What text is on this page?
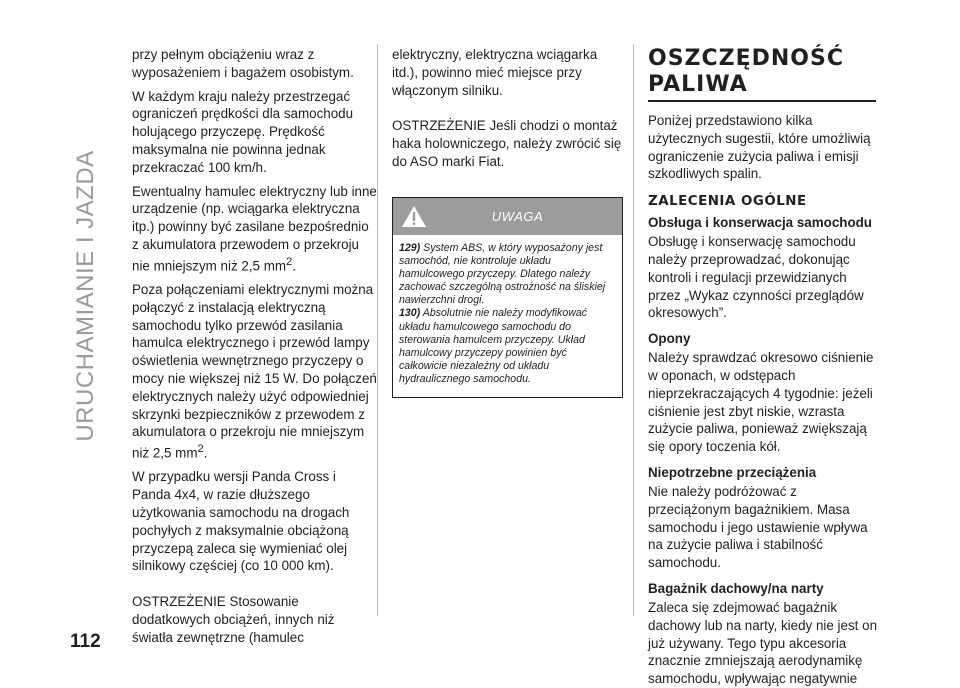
URUCHAMIANIE I JAZDA
112

przy pełnym obciążeniu wraz z wyposażeniem i bagażem osobistym.

W każdym kraju należy przestrzegać ograniczeń prędkości dla samochodu holującego przyczepę. Prędkość maksymalna nie powinna jednak przekraczać 100 km/h.

Ewentualny hamulec elektryczny lub inne urządzenie (np. wciągarka elektryczna itp.) powinny być zasilane bezpośrednio z akumulatora przewodem o przekroju nie mniejszym niż 2,5 $mm^2$.

Poza połączeniami elektrycznymi można połączyć z instalacją elektryczną samochodu tylko przewód zasilania hamulca elektrycznego i przewód lampy oświetlenia wewnętrznego przyczepy o mocy nie większej niż 15 W. Do połączeń elektrycznych należy użyć odpowiedniej skrzynki bezpieczników z przewodem z akumulatora o przekroju nie mniejszym niż 2,5 $mm^2$.

W przypadku wersji Panda Cross i Panda 4x4, w razie dłuższego użytkowania samochodu na drogach pochyłych z maksymalnie obciążoną przyczepą zaleca się wymieniać olej silnikowy częściej (co 10 000 km).

OSTRZEŻENIE Stosowanie dodatkowych obciążeń, innych niż światła zewnętrzne (hamulec

elektryczny, elektryczna wciągarka itd.), powinno mieć miejsce przy włączonym silniku.

OSTRZEŻENIE Jeśli chodzi o montaż haka holowniczego, należy zwrócić się do ASO marki Fiat.

UWAGA

129) System ABS, w który wyposażony jest samochód, nie kontroluje układu hamulcowego przyczepy. Dlatego należy zachować szczególną ostrożność na śliskiej nawierzchni drogi.

130) Absolutnie nie należy modyfikować układu hamulcowego samochodu do sterowania hamulcem przyczepy. Układ hamulcowy przyczepy powinien być całkowicie niezależny od układu hydraulicznego samochodu.

OSZCZĘDNOŚĆ PALIWA

Poniżej przedstawiono kilka użytecznych sugestii, które umożliwią ograniczenie zużycia paliwa i emisji szkodliwych spalin.

ZALECENIA OGÓLNE
Obsługa i konserwacja samochodu

Obsługę i konserwację samochodu należy przeprowadzać, dokonując kontroli i regulacji przewidzianych przez „Wykaz czynności przeglądów okresowych”.

Opony

Należy sprawdzać okresowo ciśnienie w oponach, w odstępach nieprzekraczających 4 tygodnie: jeżeli ciśnienie jest zbyt niskie, wzrasta zużycie paliwa, ponieważ zwiększają się opory toczenia kół.

Niepotrzebne przeciążenia

Nie należy podróżować z przeciążonym bagażnikiem. Masa samochodu i jego ustawienie wpływa na zużycie paliwa i stabilność samochodu.

Bagażnik dachowy/na narty

Zaleca się zdejmować bagażnik dachowy lub na narty, kiedy nie jest on już używany. Tego typu akcesoria znacznie zmniejszają aerodynamikę samochodu, wpływając negatywnie
